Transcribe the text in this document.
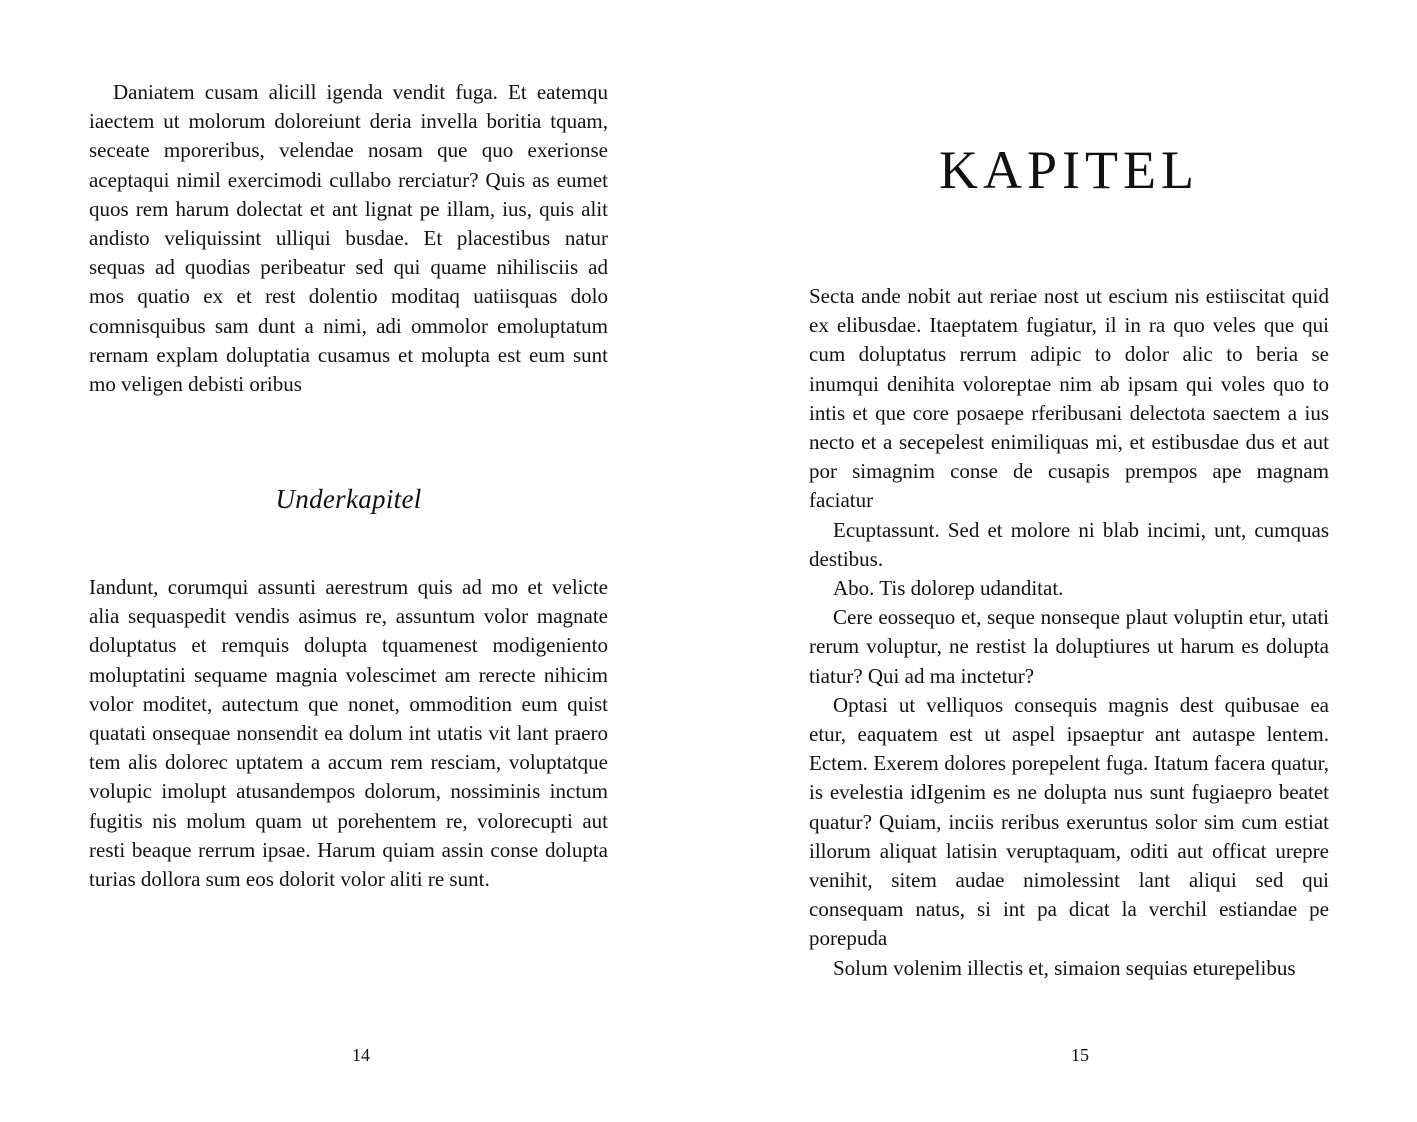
Daniatem cusam alicill igenda vendit fuga. Et eatemqu iaectem ut molorum doloreiunt deria invella boritia tquam, seceate mporeribus, velendae nosam que quo exerionse aceptaqui nimil exercimodi cullabo rerciatur? Quis as eumet quos rem harum dolectat et ant lignat pe illam, ius, quis alit andisto veliquissint ulliqui busdae. Et placestibus natur sequas ad quodias peribeatur sed qui quame nihilisciis ad mos quatio ex et rest dolentio moditaq uatiisquas dolo comnisquibus sam dunt a nimi, adi ommolor emoluptatum rernam explam doluptatia cusamus et molupta est eum sunt mo veligen debisti oribus

Underkapitel

Iandunt, corumqui assunti aerestrum quis ad mo et velicte alia sequaspedit vendis asimus re, assuntum volor magnate doluptatus et remquis dolupta tquamenest modigeniento moluptatini sequame magnia volescimet am rerecte nihicim volor moditet, autectum que nonet, ommodition eum quist quatati onsequae nonsendit ea dolum int utatis vit lant praero tem alis dolorec uptatem a accum rem resciam, voluptatque volupic imolupt atusandempos dolorum, nossiminis inctum fugitis nis molum quam ut porehentem re, volorecupti aut resti beaque rerrum ipsae. Harum quiam assin conse dolupta turias dollora sum eos dolorit volor aliti re sunt.

14
KAPITEL

Secta ande nobit aut reriae nost ut escium nis estiiscitat quid ex elibusdae. Itaeptatem fugiatur, il in ra quo veles que qui cum doluptatus rerrum adipic to dolor alic to beria se inumqui denihita voloreptae nim ab ipsam qui voles quo to intis et que core posaepe rferibusani delectota saectem a ius necto et a secepelest enimiliquas mi, et estibusdae dus et aut por simagnim conse de cusapis prempos ape magnam faciatur

Ecuptassunt. Sed et molore ni blab incimi, unt, cumquas destibus.

Abo. Tis dolorep udanditat.

Cere eossequo et, seque nonseque plaut voluptin etur, utati rerum voluptur, ne restist la doluptiures ut harum es dolupta tiatur? Qui ad ma inctetur?

Optasi ut velliquos consequis magnis dest quibusae ea etur, eaquatem est ut aspel ipsaeptur ant autaspe lentem. Ectem. Exerem dolores porepelent fuga. Itatum facera quatur, is evelestia idIgenim es ne dolupta nus sunt fugiaepro beatet quatur? Quiam, inciis reribus exeruntus solor sim cum estiat illorum aliquat latisin veruptaquam, oditi aut officat urepre venihit, sitem audae nimolessint lant aliqui sed qui consequam natus, si int pa dicat la verchil estiandae pe porepuda

Solum volenim illectis et, simaion sequias eturepelibus

15
